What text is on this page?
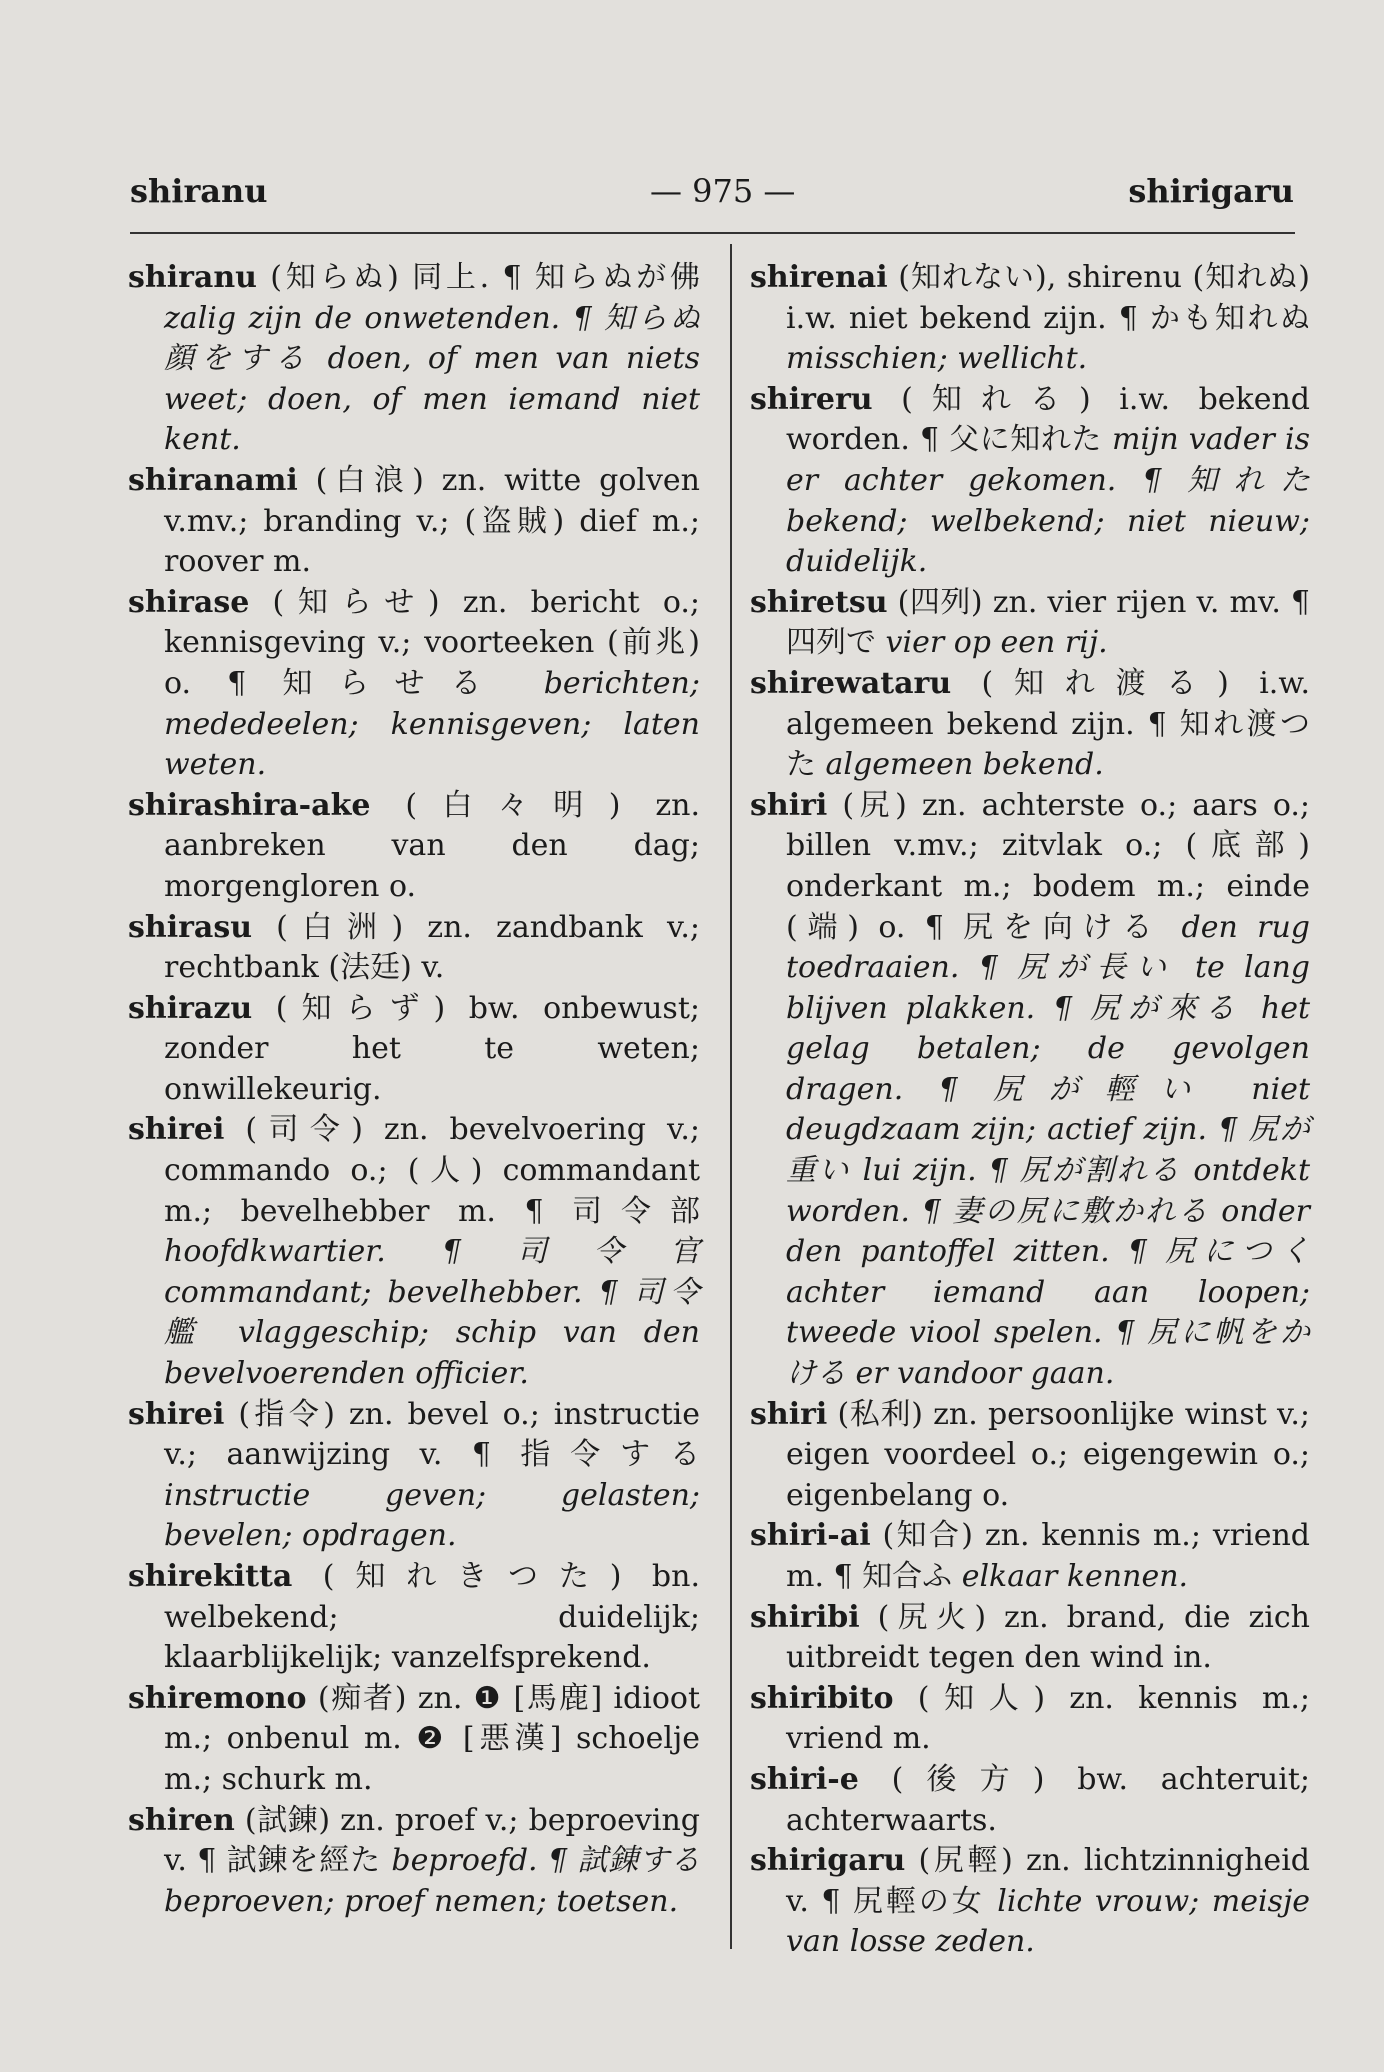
shiranu	— 975 —	shirigaru

shiranu (知らぬ) 同上. ¶ 知らぬが佛 zalig zijn de onwetenden. ¶ 知らぬ顔をする doen, of men van niets weet; doen, of men iemand niet kent.

shiranami (白浪) zn. witte golven v.mv.; branding v.; (盗賊) dief m.; roover m.

shirase (知らせ) zn. bericht o.; kennisgeving v.; voorteeken (前兆) o. ¶ 知らせる berichten; mededeelen; kennisgeven; laten weten.

shirashira-ake (白々明) zn. aanbreken van den dag; morgengloren o.

shirasu (白洲) zn. zandbank v.; rechtbank (法廷) v.

shirazu (知らず) bw. onbewust; zonder het te weten; onwillekeurig.

shirei (司令) zn. bevelvoering v.; commando o.; (人) commandant m.; bevelhebber m. ¶ 司令部 hoofdkwartier. ¶ 司令官 commandant; bevelhebber. ¶ 司令艦 vlaggeschip; schip van den bevelvoerenden officier.

shirei (指令) zn. bevel o.; instructie v.; aanwijzing v. ¶ 指令する instructie geven; gelasten; bevelen; opdragen.

shirekitta (知れきつた) bn. welbekend; duidelijk; klaarblijkelijk; vanzelfsprekend.

shiremono (痴者) zn. ❶ [馬鹿] idioot m.; onbenul m. ❷ [悪漢] schoelje m.; schurk m.

shiren (試錬) zn. proef v.; beproeving v. ¶ 試錬を經た beproefd. ¶ 試錬する beproeven; proef nemen; toetsen.

shirenai (知れない), shirenu (知れぬ) i.w. niet bekend zijn. ¶ かも知れぬ misschien; wellicht.

shireru (知れる) i.w. bekend worden. ¶ 父に知れた mijn vader is er achter gekomen. ¶ 知れた bekend; welbekend; niet nieuw; duidelijk.

shiretsu (四列) zn. vier rijen v. mv. ¶ 四列で vier op een rij.

shirewataru (知れ渡る) i.w. algemeen bekend zijn. ¶ 知れ渡つた algemeen bekend.

shiri (尻) zn. achterste o.; aars o.; billen v.mv.; zitvlak o.; (底部) onderkant m.; bodem m.; einde (端) o. ¶ 尻を向ける den rug toedraaien. ¶ 尻が長い te lang blijven plakken. ¶ 尻が來る het gelag betalen; de gevolgen dragen. ¶ 尻が輕い niet deugdzaam zijn; actief zijn. ¶ 尻が重い lui zijn. ¶ 尻が割れる ontdekt worden. ¶ 妻の尻に敷かれる onder den pantoffel zitten. ¶ 尻につく achter iemand aan loopen; tweede viool spelen. ¶ 尻に帆をかける er vandoor gaan.

shiri (私利) zn. persoonlijke winst v.; eigen voordeel o.; eigengewin o.; eigenbelang o.

shiri-ai (知合) zn. kennis m.; vriend m. ¶ 知合ふ elkaar kennen.

shiribi (尻火) zn. brand, die zich uitbreidt tegen den wind in.

shiribito (知人) zn. kennis m.; vriend m.

shiri-e (後方) bw. achteruit; achterwaarts.

shirigaru (尻輕) zn. lichtzinnigheid v. ¶ 尻輕の女 lichte vrouw; meisje van losse zeden.
